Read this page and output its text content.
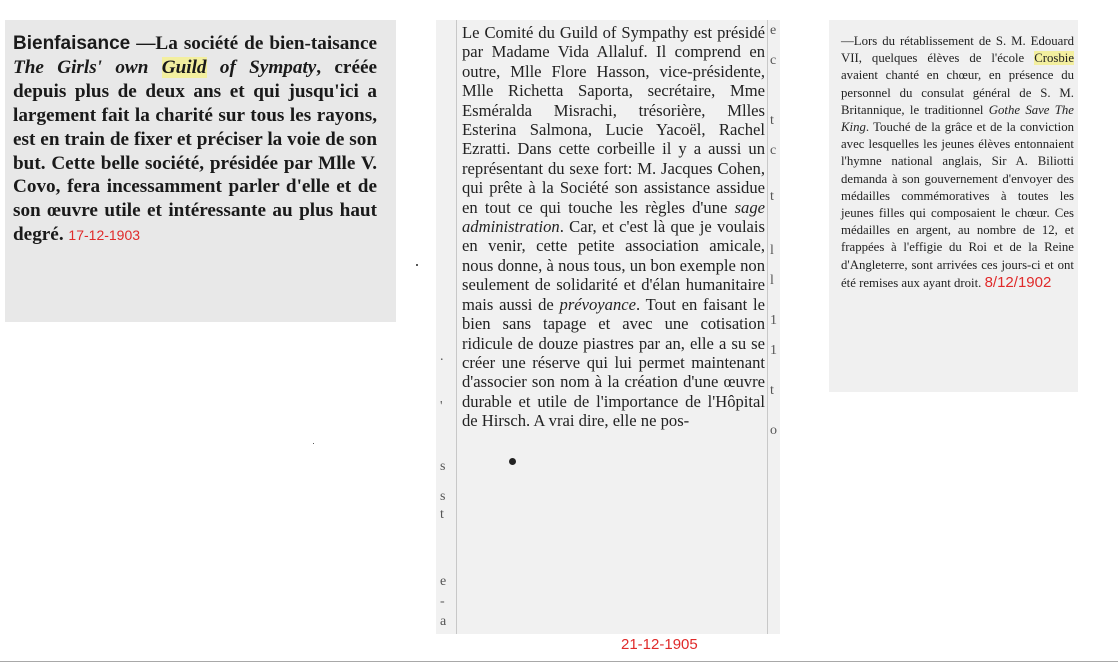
Bienfaisance —La société de bien-taisance The Girls' own Guild of Sympaty, créée depuis plus de deux ans et qui jusqu'ici a largement fait la charité sur tous les rayons, est en train de fixer et préciser la voie de son but. Cette belle société, présidée par Mlle V. Covo, fera incessamment parler d'elle et de son œuvre utile et intéressante au plus haut degré. 17-12-1903
.
'
s
s
t
e
-
a
Le Comité du Guild of Sympathy est présidé par Madame Vida Allaluf. Il comprend en outre, Mlle Flore Hasson, vice-présidente, Mlle Richetta Saporta, secrétaire, Mme Esméralda Misrachi, trésorière, Mlles Esterina Salmona, Lucie Yacoël, Rachel Ezratti. Dans cette corbeille il y a aussi un représentant du sexe fort: M. Jacques Cohen, qui prête à la Société son assistance assidue en tout ce qui touche les règles d'une sage administration. Car, et c'est là que je voulais en venir, cette petite association amicale, nous donne, à nous tous, un bon exemple non seulement de solidarité et d'élan humanitaire mais aussi de prévoyance. Tout en faisant le bien sans tapage et avec une cotisation ridicule de douze piastres par an, elle a su se créer une réserve qui lui permet maintenant d'associer son nom à la création d'une œuvre durable et utile de l'importance de l'Hôpital de Hirsch. A vrai dire, elle ne pos-
e
c
t
c
t
l
l
1
1
t
o
21-12-1905
—Lors du rétablissement de S. M. Edouard VII, quelques élèves de l'école Crosbie avaient chanté en chœur, en présence du personnel du consulat général de S. M. Britannique, le traditionnel Gothe Save The King. Touché de la grâce et de la conviction avec lesquelles les jeunes élèves entonnaient l'hymne national anglais, Sir A. Biliotti demanda à son gouvernement d'envoyer des médailles commémoratives à toutes les jeunes filles qui composaient le chœur. Ces médailles en argent, au nombre de 12, et frappées à l'effigie du Roi et de la Reine d'Angleterre, sont arrivées ces jours-ci et ont été remises aux ayant droit. 8/12/1902
